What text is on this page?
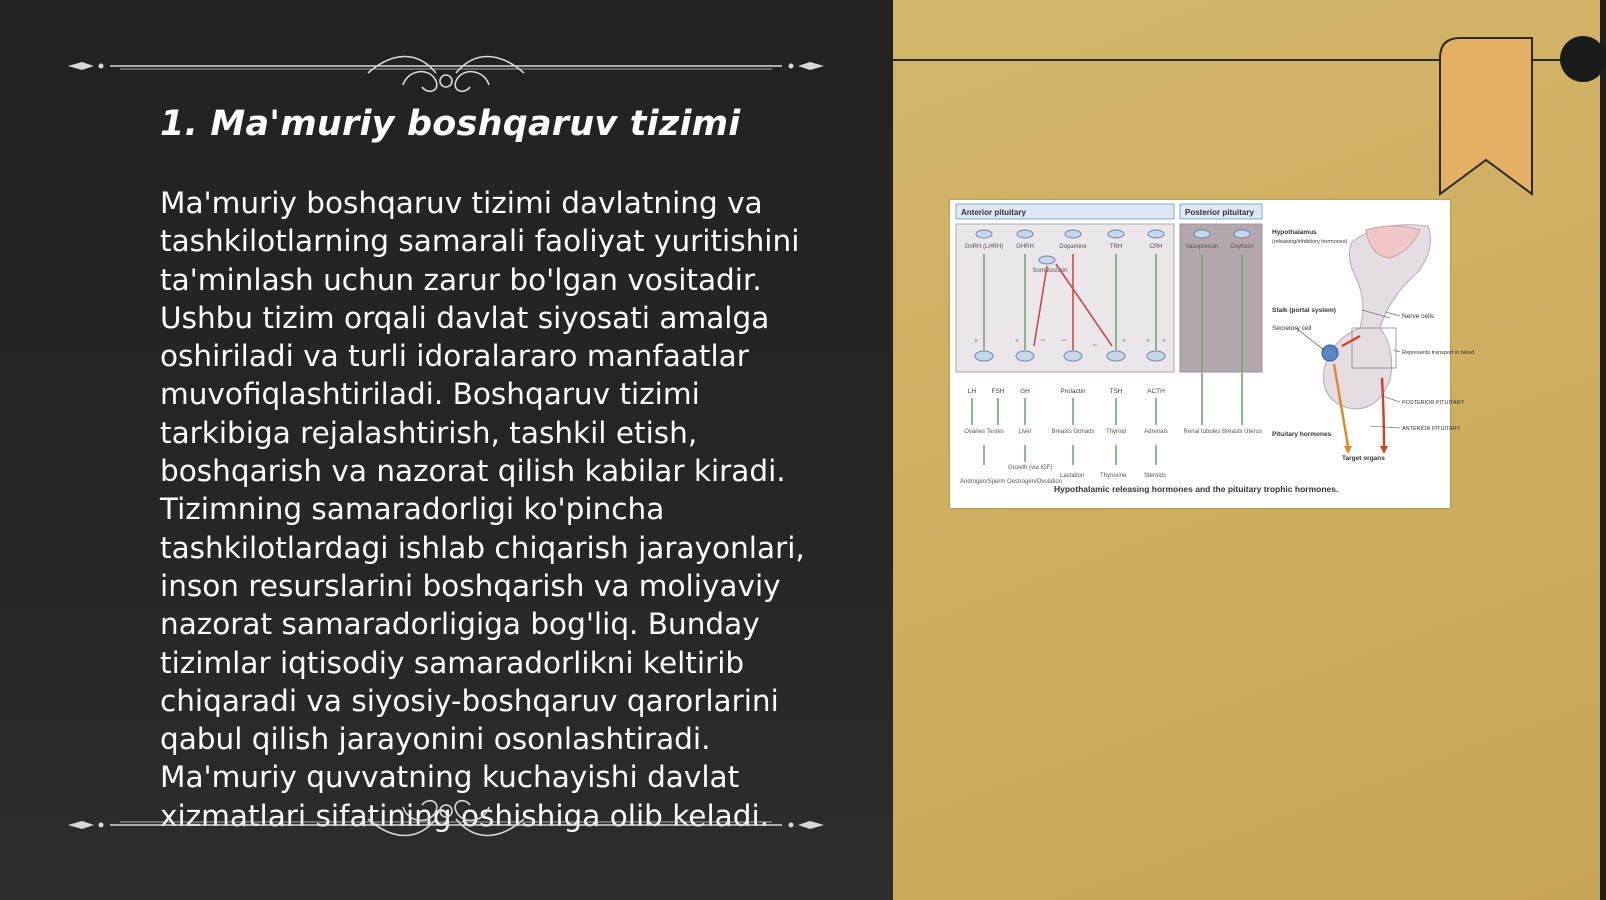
1. Ma'muriy boshqaruv tizimi

Ma'muriy boshqaruv tizimi davlatning va tashkilotlarning samarali faoliyat yuritishini ta'minlash uchun zarur bo'lgan vositadir. Ushbu tizim orqali davlat siyosati amalga oshiriladi va turli idoralararo manfaatlar muvofiqlashtiriladi. Boshqaruv tizimi tarkibiga rejalashtirish, tashkil etish, boshqarish va nazorat qilish kabilar kiradi. Tizimning samaradorligi ko'pincha tashkilotlardagi ishlab chiqarish jarayonlari, inson resurslarini boshqarish va moliyaviy nazorat samaradorligiga bog'liq. Bunday tizimlar iqtisodiy samaradorlikni keltirib chiqaradi va siyosiy-boshqaruv qarorlarini qabul qilish jarayonini osonlashtiradi. Ma'muriy quvvatning kuchayishi davlat xizmatlari sifatining oshishiga olib keladi.

Anterior pituitary	Posterior pituitary
GnRH (LHRH) GHRH	Dopamine	TRH	CRH
Somatostatin
Vasopressin Oxytocin
+	+	+ + +
− −	−
LH FSH GH	Prolactin	TSH	ACTH
Ovaries Testes Liver	Breasts Gonads Thyroid	Adrenals	Renal tubules Breasts Uterus
Androgen/Sperm Oestrogen/Ovulation
Growth (via IGF)
Lactation	Thyroxine	Steroids
Hypothalamus
(releasing/inhibitory hormones)
Stalk (portal system)
Secretory cell
Nerve cells
Represents transport in blood
POSTERIOR PITUITARY
ANTERIOR PITUITARY
Pituitary hormones
Target organs
Hypothalamic releasing hormones and the pituitary trophic hormones.
